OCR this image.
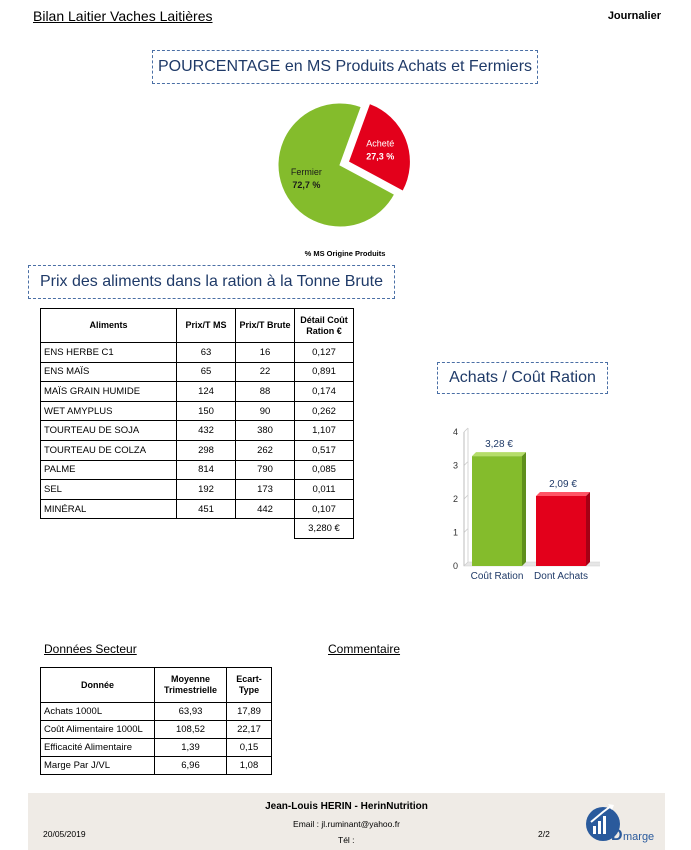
Bilan Laitier Vaches Laitières	Journalier
POURCENTAGE en MS Produits Achats et Fermiers
Acheté
27,3 %
Fermier
72,7 %
% MS Origine Produits
Prix des aliments dans la ration à la Tonne Brute
Aliments	Prix/T MS	Prix/T Brute	Détail Coût Ration €
ENS HERBE C1	63	16	0,127
ENS MAÏS	65	22	0,891
MAÏS GRAIN HUMIDE	124	88	0,174
WET AMYPLUS	150	90	0,262
TOURTEAU DE SOJA	432	380	1,107
TOURTEAU DE COLZA	298	262	0,517
PALME	814	790	0,085
SEL	192	173	0,011
MINÉRAL	451	442	0,107
			3,280 €
Achats / Coût Ration
0
1
2
3
4
3,28 €
Coût Ration
2,09 €
Dont Achats
Données Secteur	Commentaire
Donnée	Moyenne Trimestrielle	Ecart-Type
Achats 1000L	63,93	17,89
Coût Alimentaire 1000L	108,52	22,17
Efficacité Alimentaire	1,39	0,15
Marge Par J/VL	6,96	1,08
Jean-Louis HERIN - HerinNutrition
Email : jl.ruminant@yahoo.fr
Tél :
20/05/2019	2/2	D marge
